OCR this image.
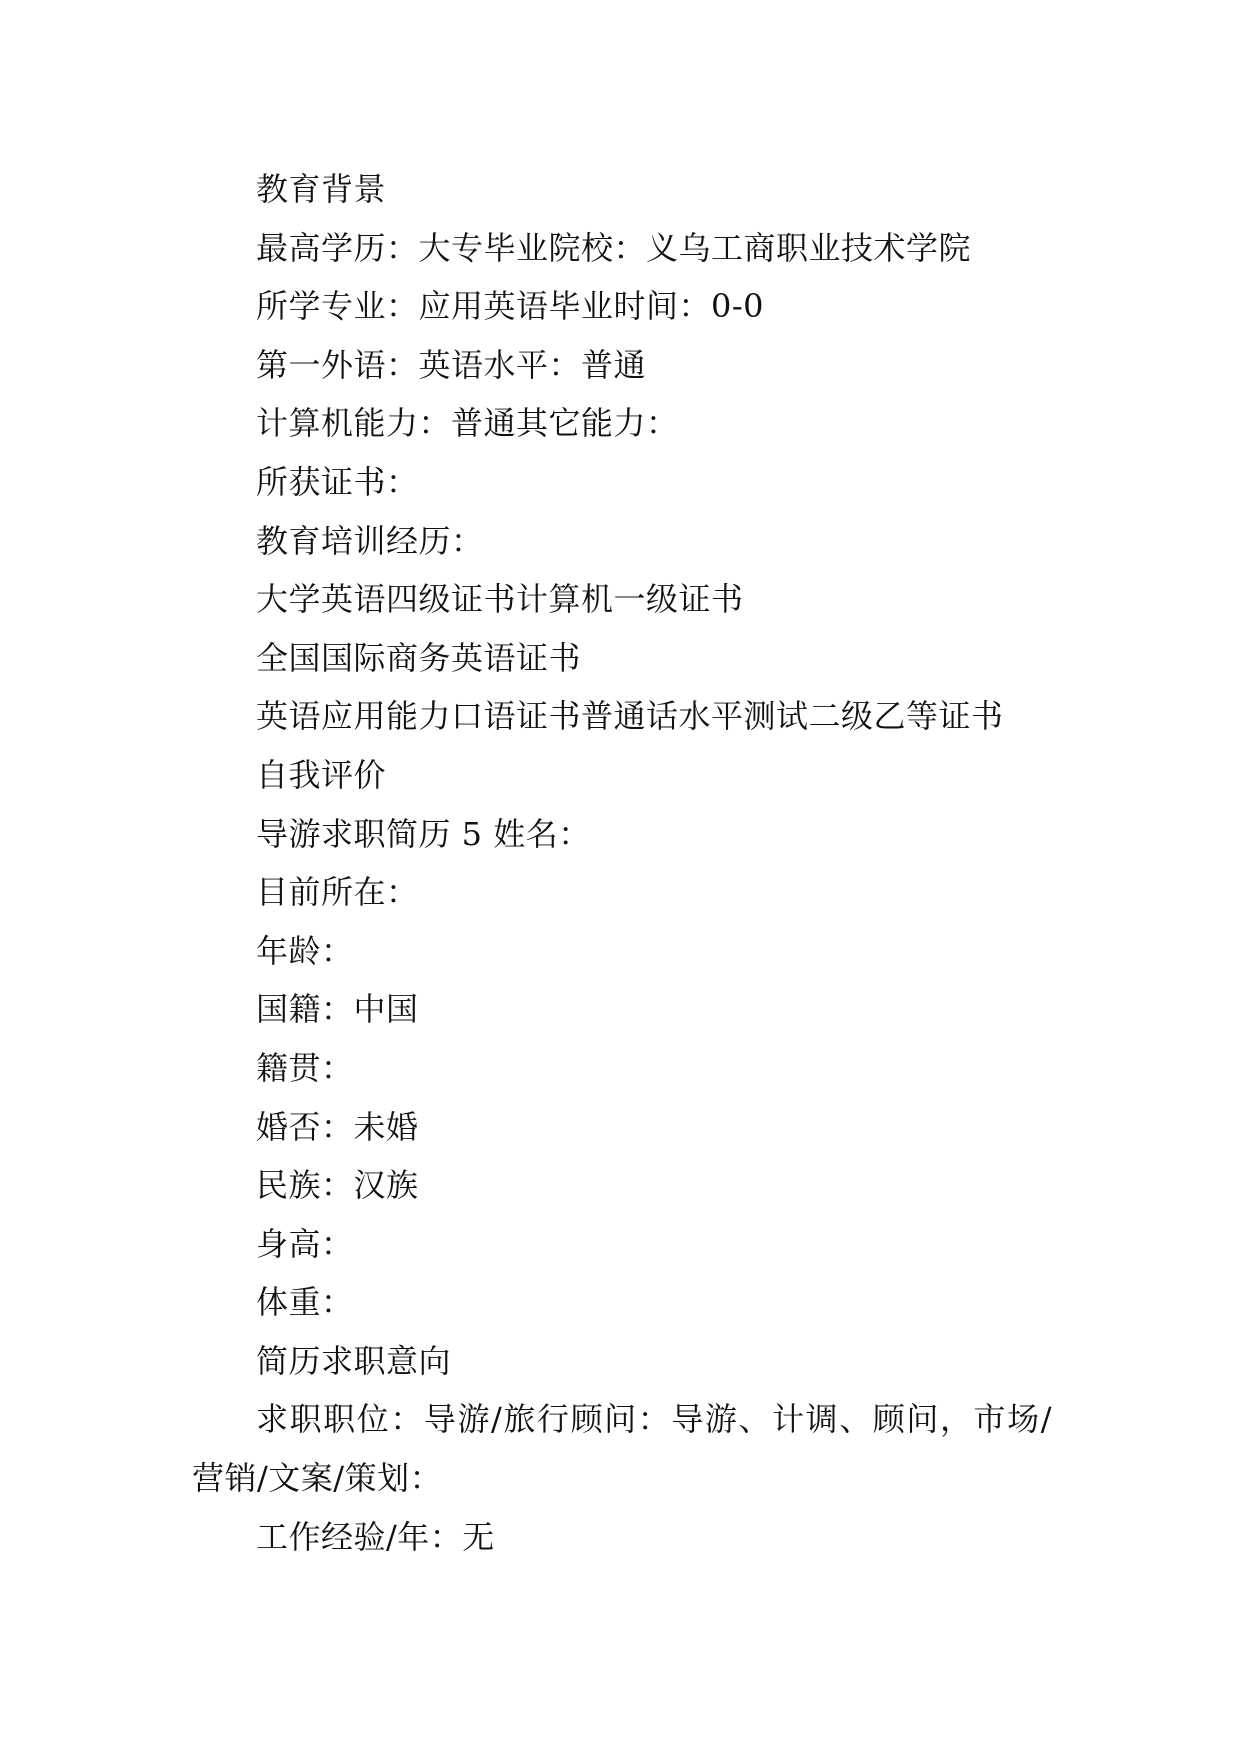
教育背景

最高学历：大专毕业院校：义乌工商职业技术学院

所学专业：应用英语毕业时间：0-0

第一外语：英语水平：普通

计算机能力：普通其它能力：

所获证书：

教育培训经历：

大学英语四级证书计算机一级证书

全国国际商务英语证书

英语应用能力口语证书普通话水平测试二级乙等证书

自我评价

导游求职简历 5 姓名：

目前所在：

年龄：

国籍：中国

籍贯：

婚否：未婚

民族：汉族

身高：

体重：

简历求职意向

求职职位：导游/旅行顾问：导游、计调、顾问，市场/营销/文案/策划：

工作经验/年：无
